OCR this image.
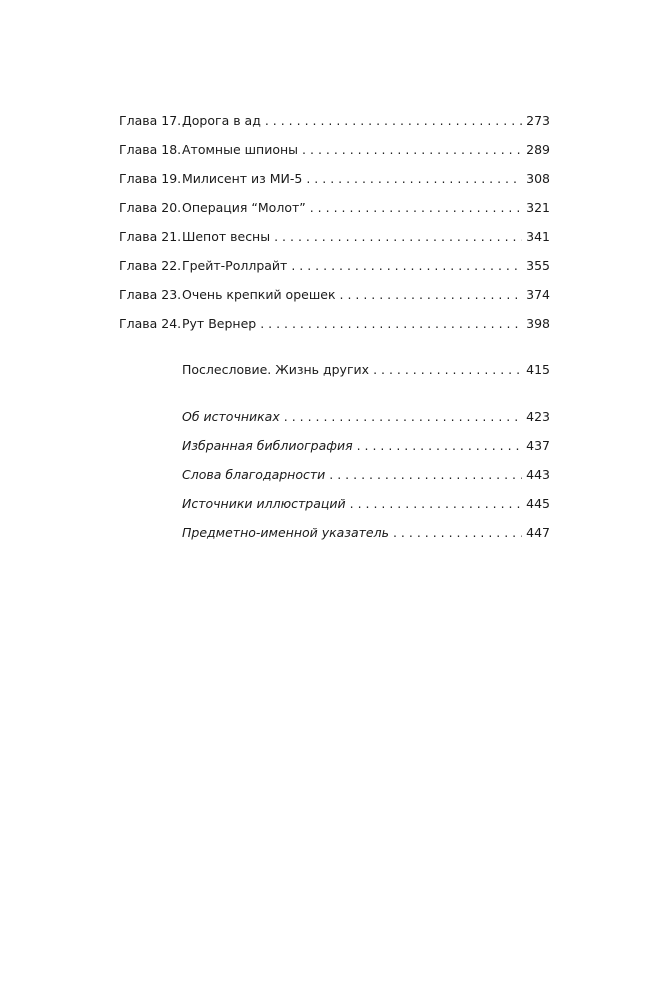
Глава 17. Дорога в ад . . .	273
Глава 18. Атомные шпионы . . .	289
Глава 19. Милисент из МИ-5 . . .	308
Глава 20. Операция “Молот” . . .	321
Глава 21. Шепот весны . . .	341
Глава 22. Грейт-Роллрайт . . .	355
Глава 23. Очень крепкий орешек . . .	374
Глава 24. Рут Вернер . . .	398
Послесловие. Жизнь других . . .	415
Об источниках . . .	423
Избранная библиография . . .	437
Слова благодарности . . .	443
Источники иллюстраций . . .	445
Предметно-именной указатель . . .	447
